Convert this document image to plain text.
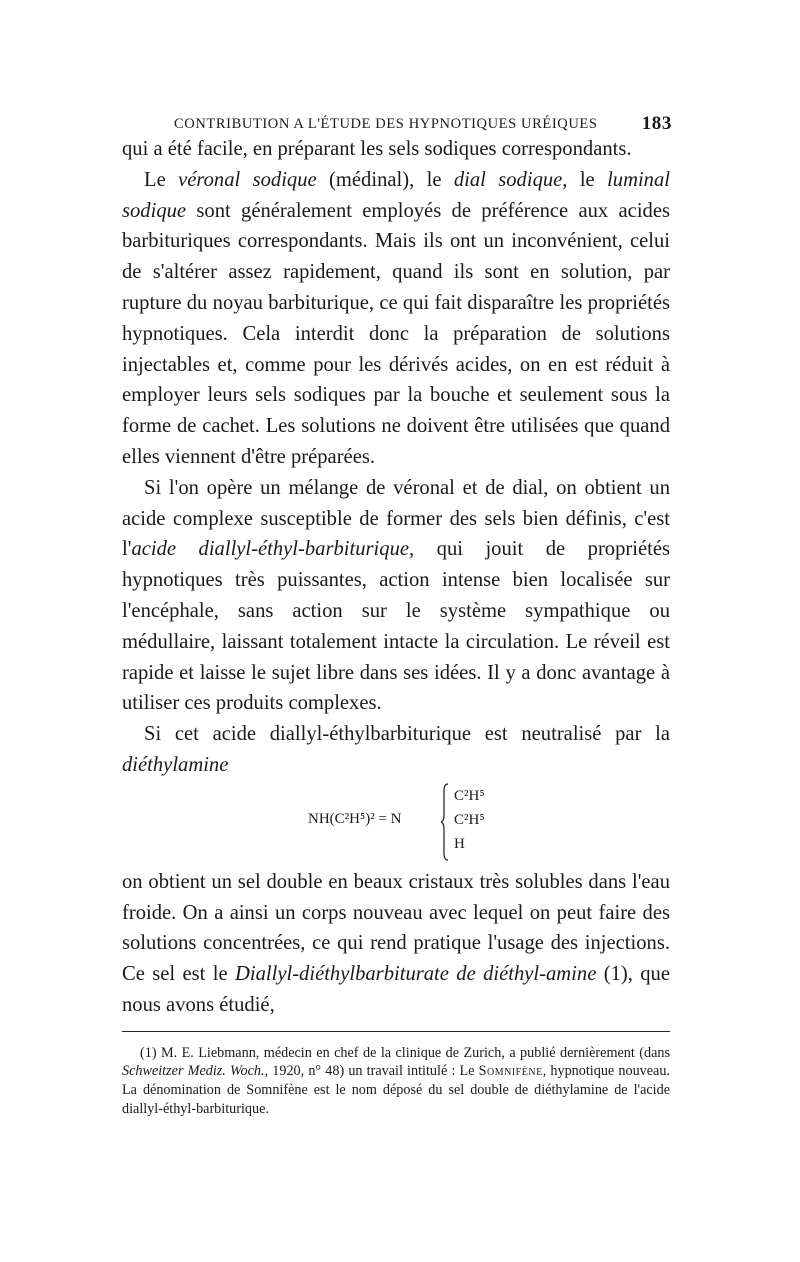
CONTRIBUTION A L'ÉTUDE DES HYPNOTIQUES URÉIQUES 183

qui a été facile, en préparant les sels sodiques correspondants.

Le véronal sodique (médinal), le dial sodique, le luminal sodique sont généralement employés de préférence aux acides barbituriques correspondants. Mais ils ont un inconvénient, celui de s'altérer assez rapidement, quand ils sont en solution, par rupture du noyau barbiturique, ce qui fait disparaître les propriétés hypnotiques. Cela interdit donc la préparation de solutions injectables et, comme pour les dérivés acides, on en est réduit à employer leurs sels sodiques par la bouche et seulement sous la forme de cachet. Les solutions ne doivent être utilisées que quand elles viennent d'être préparées.

Si l'on opère un mélange de véronal et de dial, on obtient un acide complexe susceptible de former des sels bien définis, c'est l'acide diallyl-éthyl-barbiturique, qui jouit de propriétés hypnotiques très puissantes, action intense bien localisée sur l'encéphale, sans action sur le système sympathique ou médullaire, laissant totalement intacte la circulation. Le réveil est rapide et laisse le sujet libre dans ses idées. Il y a donc avantage à utiliser ces produits complexes.

Si cet acide diallyl-éthylbarbiturique est neutralisé par la diéthylamine

NH(C²H⁵)² = N
C²H⁵
C²H⁵
H

on obtient un sel double en beaux cristaux très solubles dans l'eau froide. On a ainsi un corps nouveau avec lequel on peut faire des solutions concentrées, ce qui rend pratique l'usage des injections. Ce sel est le Diallyl-diéthylbarbiturate de diéthyl-amine (1), que nous avons étudié,

(1) M. E. Liebmann, médecin en chef de la clinique de Zurich, a publié dernièrement (dans Schweitzer Mediz. Woch., 1920, n° 48) un travail intitulé : Le Somnifène, hypnotique nouveau. La dénomination de Somnifène est le nom déposé du sel double de diéthylamine de l'acide diallyl-éthyl-barbiturique.
